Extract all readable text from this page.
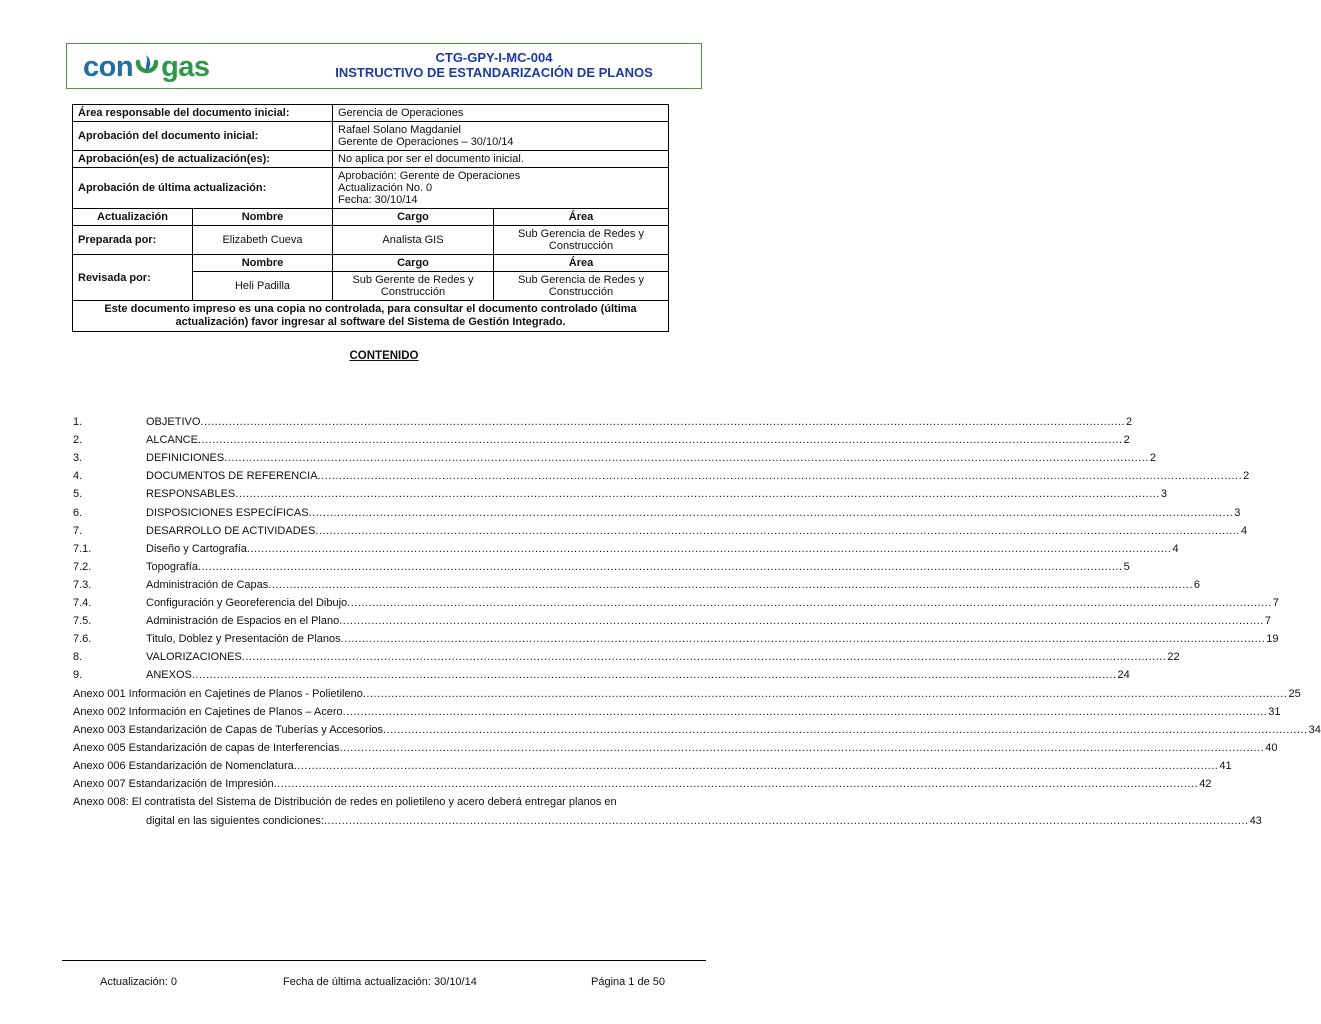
con gas	CTG-GPY-I-MC-004
INSTRUCTIVO DE ESTANDARIZACIÓN DE PLANOS
Área responsable del documento inicial:		Gerencia de Operaciones	
Aprobación del documento inicial:		Rafael Solano Magdaniel
Gerente de Operaciones – 30/10/14	

Aprobación(es) de actualización(es):		No aplica por ser el documento inicial.	
Aprobación de última actualización:		Aprobación: Gerente de Operaciones
Actualización No. 0
Fecha: 30/10/14	

Actualización	Nombre	Cargo	Área
Preparada por:	Elizabeth Cueva	Analista GIS	Sub Gerencia de Redes y Construcción
Revisada por:	Nombre	Cargo	Área
	Heli Padilla	Sub Gerente de Redes y Construcción	Sub Gerencia de Redes y Construcción
Este documento impreso es una copia no controlada, para consultar el documento controlado (última actualización) favor ingresar al software del Sistema de Gestión Integrado.			
CONTENIDO
1.	OBJETIVO .................................................................................................................................................................................................................................................................... 2
2.	ALCANCE .................................................................................................................................................................................................................................................................... 2
3.	DEFINICIONES .................................................................................................................................................................................................................................................................... 2
4.	DOCUMENTOS DE REFERENCIA .................................................................................................................................................................................................................................................................... 2
5.	RESPONSABLES .................................................................................................................................................................................................................................................................... 3
6.	DISPOSICIONES ESPECÍFICAS .................................................................................................................................................................................................................................................................... 3
7.	DESARROLLO DE ACTIVIDADES .................................................................................................................................................................................................................................................................... 4
7.1.	Diseño y Cartografía .................................................................................................................................................................................................................................................................... 4
7.2.	Topografía .................................................................................................................................................................................................................................................................... 5
7.3.	Administración de Capas .................................................................................................................................................................................................................................................................... 6
7.4.	Configuración y Georeferencia del Dibujo .................................................................................................................................................................................................................................................................... 7
7.5.	Administración de Espacios en el Plano .................................................................................................................................................................................................................................................................... 7
7.6.	Titulo, Doblez y Presentación de Planos .................................................................................................................................................................................................................................................................... 19
8.	VALORIZACIONES .................................................................................................................................................................................................................................................................... 22
9.	ANEXOS .................................................................................................................................................................................................................................................................... 24
Anexo 001 Información en Cajetines de Planos - Polietileno .................................................................................................................................................................................................................................................................... 25
Anexo 002 Información en Cajetines de Planos – Acero .................................................................................................................................................................................................................................................................... 31
Anexo 003 Estandarización de Capas de Tuberías y Accesorios .................................................................................................................................................................................................................................................................... 34
Anexo 005 Estandarización de capas de Interferencias .................................................................................................................................................................................................................................................................... 40
Anexo 006 Estandarización de Nomenclatura .................................................................................................................................................................................................................................................................... 41
Anexo 007 Estandarización de Impresión .................................................................................................................................................................................................................................................................... 42
Anexo 008: El contratista del Sistema de Distribución de redes en polietileno y acero deberá entregar planos en
digital en las siguientes condiciones: .................................................................................................................................................................................................................................................................... 43
Actualización: 0	Fecha de última actualización: 30/10/14	Página 1 de 50
